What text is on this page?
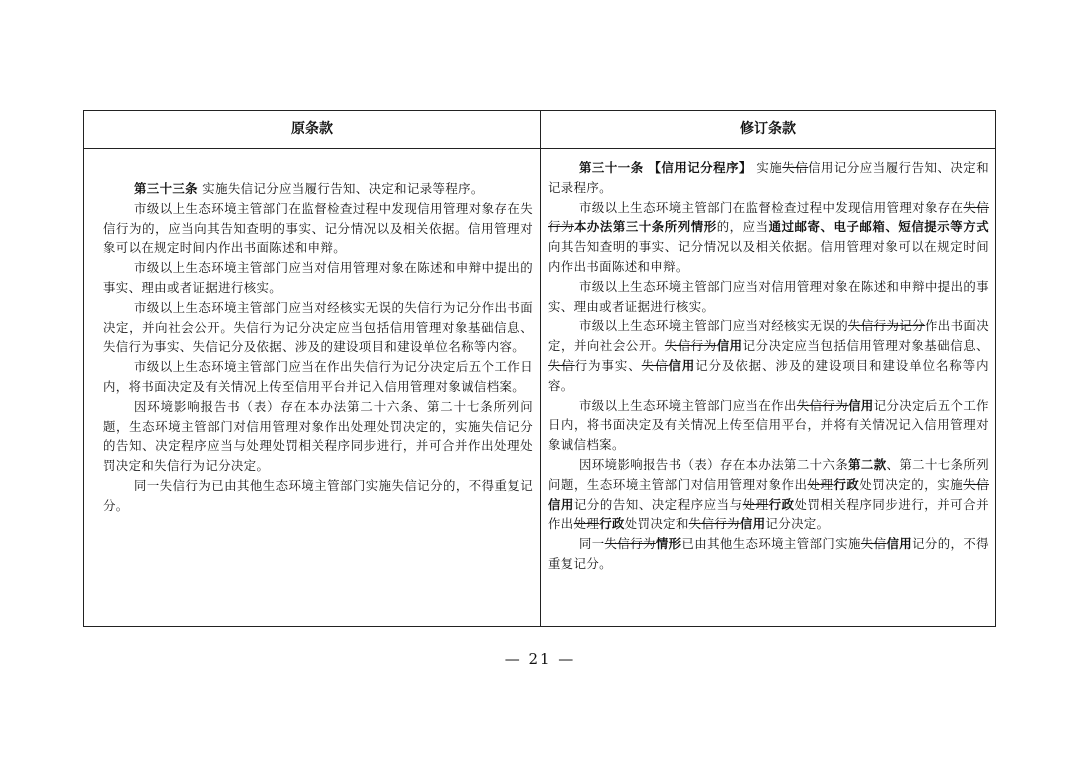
原条款	修订条款

第三十三条 实施失信记分应当履行告知、决定和记录等程序。

市级以上生态环境主管部门在监督检查过程中发现信用管理对象存在失信行为的，应当向其告知查明的事实、记分情况以及相关依据。信用管理对象可以在规定时间内作出书面陈述和申辩。

市级以上生态环境主管部门应当对信用管理对象在陈述和申辩中提出的事实、理由或者证据进行核实。

市级以上生态环境主管部门应当对经核实无误的失信行为记分作出书面决定，并向社会公开。失信行为记分决定应当包括信用管理对象基础信息、失信行为事实、失信记分及依据、涉及的建设项目和建设单位名称等内容。

市级以上生态环境主管部门应当在作出失信行为记分决定后五个工作日内，将书面决定及有关情况上传至信用平台并记入信用管理对象诚信档案。

因环境影响报告书（表）存在本办法第二十六条、第二十七条所列问题，生态环境主管部门对信用管理对象作出处理处罚决定的，实施失信记分的告知、决定程序应当与处理处罚相关程序同步进行，并可合并作出处理处罚决定和失信行为记分决定。

同一失信行为已由其他生态环境主管部门实施失信记分的，不得重复记分。

第三十一条 【信用记分程序】 实施失信信用记分应当履行告知、决定和记录程序。

市级以上生态环境主管部门在监督检查过程中发现信用管理对象存在失信行为本办法第三十条所列情形的，应当通过邮寄、电子邮箱、短信提示等方式向其告知查明的事实、记分情况以及相关依据。信用管理对象可以在规定时间内作出书面陈述和申辩。

市级以上生态环境主管部门应当对信用管理对象在陈述和申辩中提出的事实、理由或者证据进行核实。

市级以上生态环境主管部门应当对经核实无误的失信行为记分作出书面决定，并向社会公开。失信行为信用记分决定应当包括信用管理对象基础信息、失信行为事实、失信信用记分及依据、涉及的建设项目和建设单位名称等内容。

市级以上生态环境主管部门应当在作出失信行为信用记分决定后五个工作日内，将书面决定及有关情况上传至信用平台，并将有关情况记入信用管理对象诚信档案。

因环境影响报告书（表）存在本办法第二十六条第二款、第二十七条所列问题，生态环境主管部门对信用管理对象作出处理行政处罚决定的，实施失信信用记分的告知、决定程序应当与处理行政处罚相关程序同步进行，并可合并作出处理行政处罚决定和失信行为信用记分决定。

同一失信行为情形已由其他生态环境主管部门实施失信信用记分的，不得重复记分。

— 21 —
